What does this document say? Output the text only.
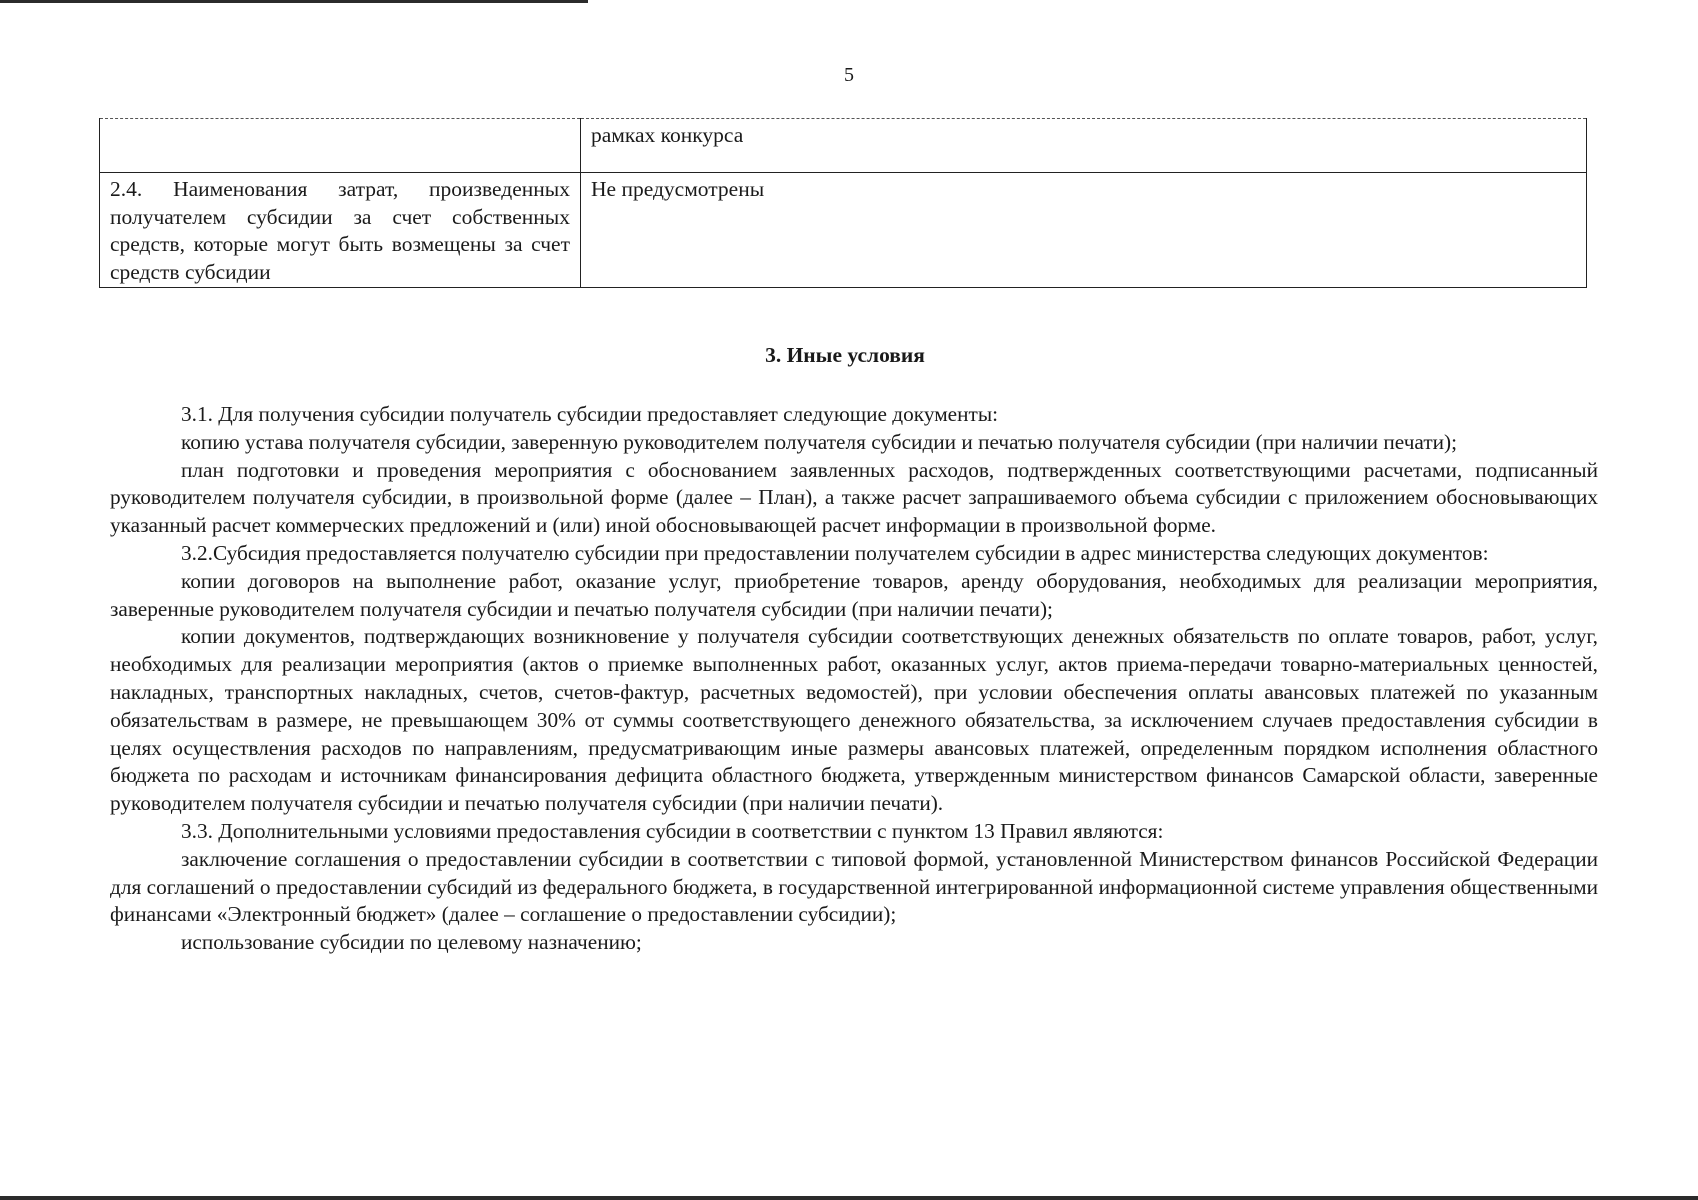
5
	рамках конкурса
2.4. Наименования затрат, произведенных получателем субсидии за счет собственных средств, которые могут быть возмещены за счет средств субсидии	Не предусмотрены
3. Иные условия

3.1. Для получения субсидии получатель субсидии предоставляет следующие документы:

копию устава получателя субсидии, заверенную руководителем получателя субсидии и печатью получателя субсидии (при наличии печати);

план подготовки и проведения мероприятия с обоснованием заявленных расходов, подтвержденных соответствующими расчетами, подписанный руководителем получателя субсидии, в произвольной форме (далее – План), а также расчет запрашиваемого объема субсидии с приложением обосновывающих указанный расчет коммерческих предложений и (или) иной обосновывающей расчет информации в произвольной форме.

3.2.Субсидия предоставляется получателю субсидии при предоставлении получателем субсидии в адрес министерства следующих документов:

копии договоров на выполнение работ, оказание услуг, приобретение товаров, аренду оборудования, необходимых для реализации мероприятия, заверенные руководителем получателя субсидии и печатью получателя субсидии (при наличии печати);

копии документов, подтверждающих возникновение у получателя субсидии соответствующих денежных обязательств по оплате товаров, работ, услуг, необходимых для реализации мероприятия (актов о приемке выполненных работ, оказанных услуг, актов приема-передачи товарно-материальных ценностей, накладных, транспортных накладных, счетов, счетов-фактур, расчетных ведомостей), при условии обеспечения оплаты авансовых платежей по указанным обязательствам в размере, не превышающем 30% от суммы соответствующего денежного обязательства, за исключением случаев предоставления субсидии в целях осуществления расходов по направлениям, предусматривающим иные размеры авансовых платежей, определенным порядком исполнения областного бюджета по расходам и источникам финансирования дефицита областного бюджета, утвержденным министерством финансов Самарской области, заверенные руководителем получателя субсидии и печатью получателя субсидии (при наличии печати).

3.3. Дополнительными условиями предоставления субсидии в соответствии с пунктом 13 Правил являются:

заключение соглашения о предоставлении субсидии в соответствии с типовой формой, установленной Министерством финансов Российской Федерации для соглашений о предоставлении субсидий из федерального бюджета, в государственной интегрированной информационной системе управления общественными финансами «Электронный бюджет» (далее – соглашение о предоставлении субсидии);

использование субсидии по целевому назначению;
